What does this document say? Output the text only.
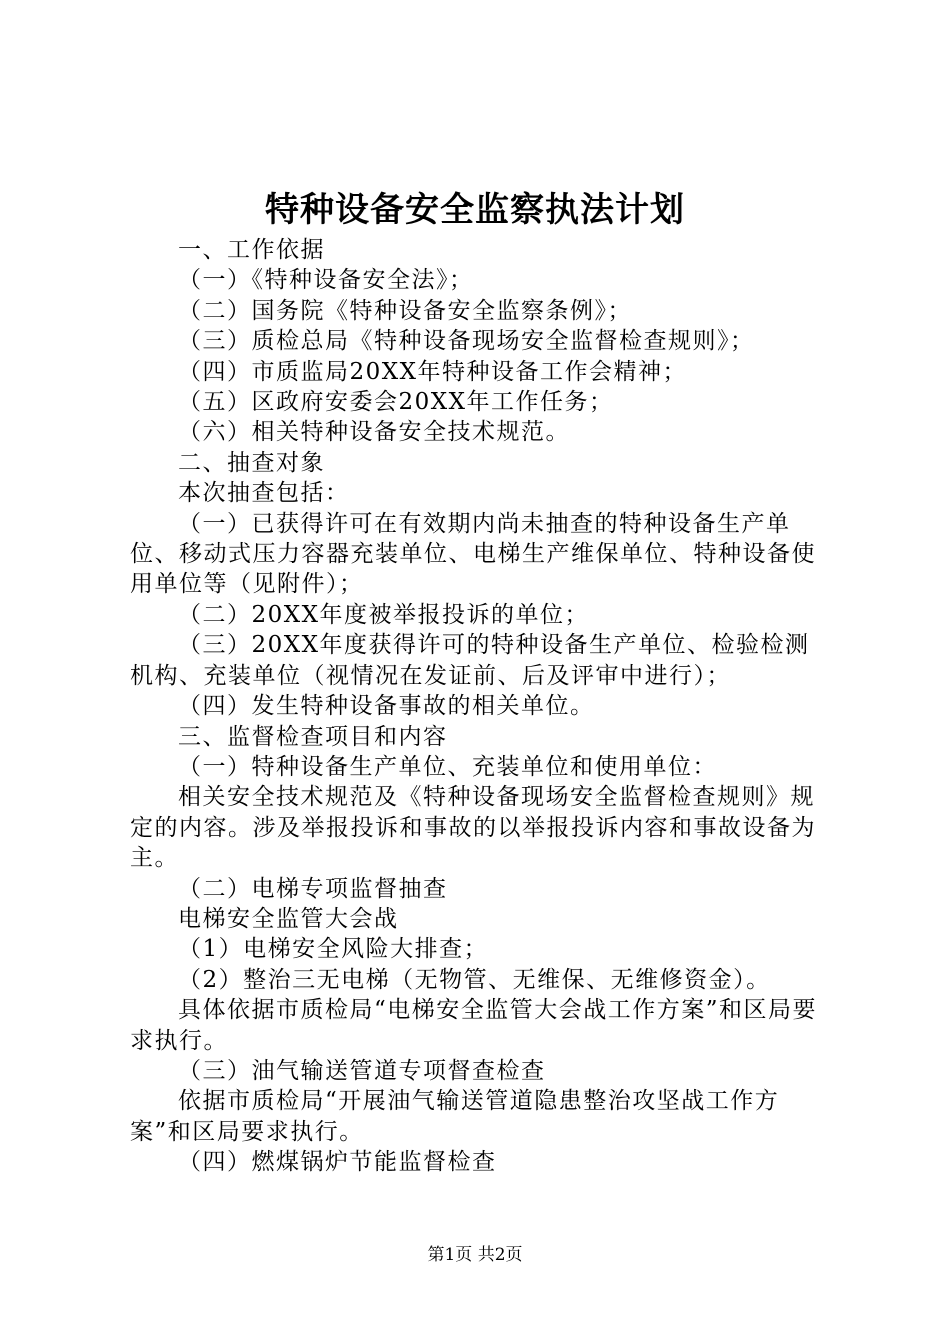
特种设备安全监察执法计划

一、工作依据

（一）《特种设备安全法》；

（二）国务院《特种设备安全监察条例》；

（三）质检总局《特种设备现场安全监督检查规则》；

（四）市质监局20XX年特种设备工作会精神；

（五）区政府安委会20XX年工作任务；

（六）相关特种设备安全技术规范。

二、抽查对象

本次抽查包括：

（一）已获得许可在有效期内尚未抽查的特种设备生产单位、移动式压力容器充装单位、电梯生产维保单位、特种设备使用单位等（见附件）；

（二）20XX年度被举报投诉的单位；

（三）20XX年度获得许可的特种设备生产单位、检验检测机构、充装单位（视情况在发证前、后及评审中进行）；

（四）发生特种设备事故的相关单位。

三、监督检查项目和内容

（一）特种设备生产单位、充装单位和使用单位：

相关安全技术规范及《特种设备现场安全监督检查规则》规定的内容。涉及举报投诉和事故的以举报投诉内容和事故设备为主。

（二）电梯专项监督抽查

电梯安全监管大会战

（1）电梯安全风险大排查；

（2）整治三无电梯（无物管、无维保、无维修资金）。

具体依据市质检局“电梯安全监管大会战工作方案”和区局要求执行。

（三）油气输送管道专项督查检查

依据市质检局“开展油气输送管道隐患整治攻坚战工作方案”和区局要求执行。

（四）燃煤锅炉节能监督检查

第1页 共2页
